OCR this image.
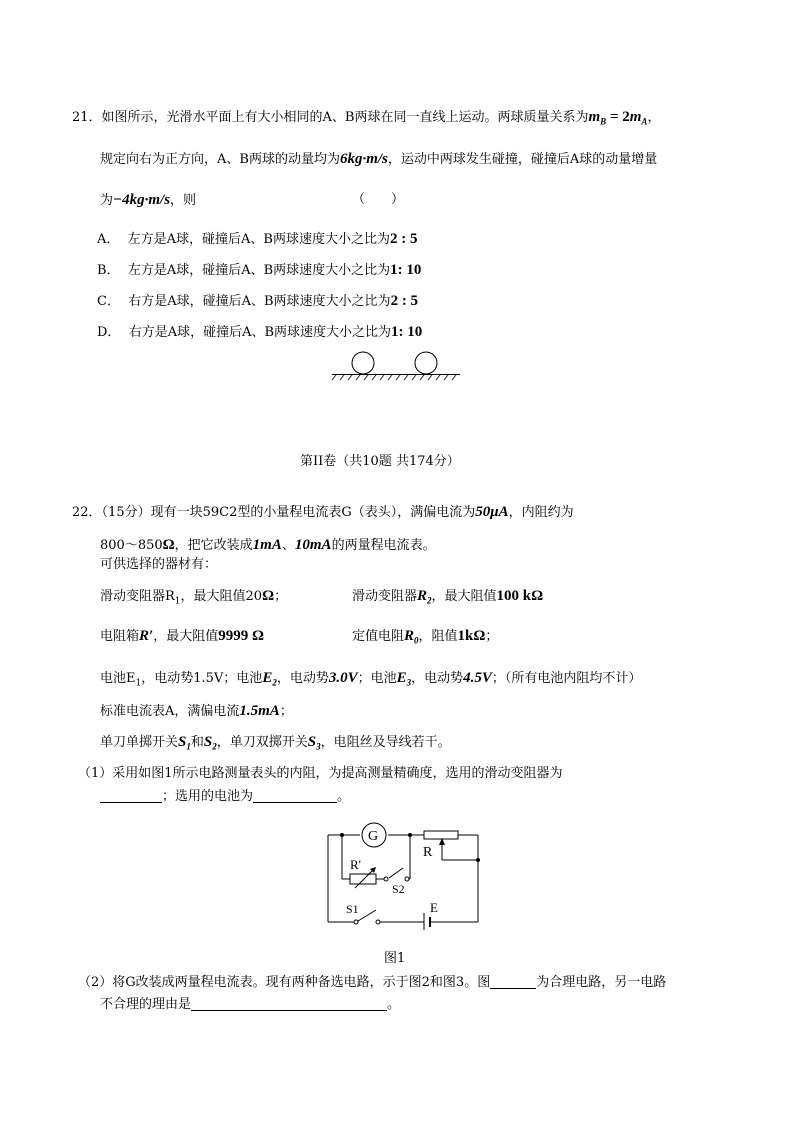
21．如图所示，光滑水平面上有大小相同的A、B两球在同一直线上运动。两球质量关系为$m_B = 2m_A$，
规定向右为正方向，A、B两球的动量均为6kg·m/s，运动中两球发生碰撞，碰撞后A球的动量增量
为−4kg·m/s，则	（　　）
A． 左方是A球，碰撞后A、B两球速度大小之比为2 : 5
B． 左方是A球，碰撞后A、B两球速度大小之比为1: 10
C． 右方是A球，碰撞后A、B两球速度大小之比为2 : 5
D． 右方是A球，碰撞后A、B两球速度大小之比为1: 10
第II卷（共10题 共174分）
22．（15分）现有一块59C2型的小量程电流表G（表头），满偏电流为50μA，内阻约为
800～850Ω，把它改装成1mA、10mA的两量程电流表。
可供选择的器材有：
滑动变阻器$R_1$，最大阻值20Ω；	滑动变阻器$R_2$，最大阻值100 kΩ
电阻箱R′，最大阻值9999 Ω	定值电阻$R_0$，阻值1kΩ；
电池$E_1$，电动势1.5V；电池$E_2$，电动势3.0V；电池$E_3$，电动势4.5V；（所有电池内阻均不计）
标准电流表A，满偏电流1.5mA；
单刀单掷开关$S_1$和$S_2$，单刀双掷开关$S_3$，电阻丝及导线若干。
（1）采用如图1所示电路测量表头的内阻，为提高测量精确度，选用的滑动变阻器为
；选用的电池为	。
G
R
R'
S2
S1	E
图1
（2）将G改装成两量程电流表。现有两种备选电路，示于图2和图3。图	为合理电路，另一电路
不合理的理由是	。
